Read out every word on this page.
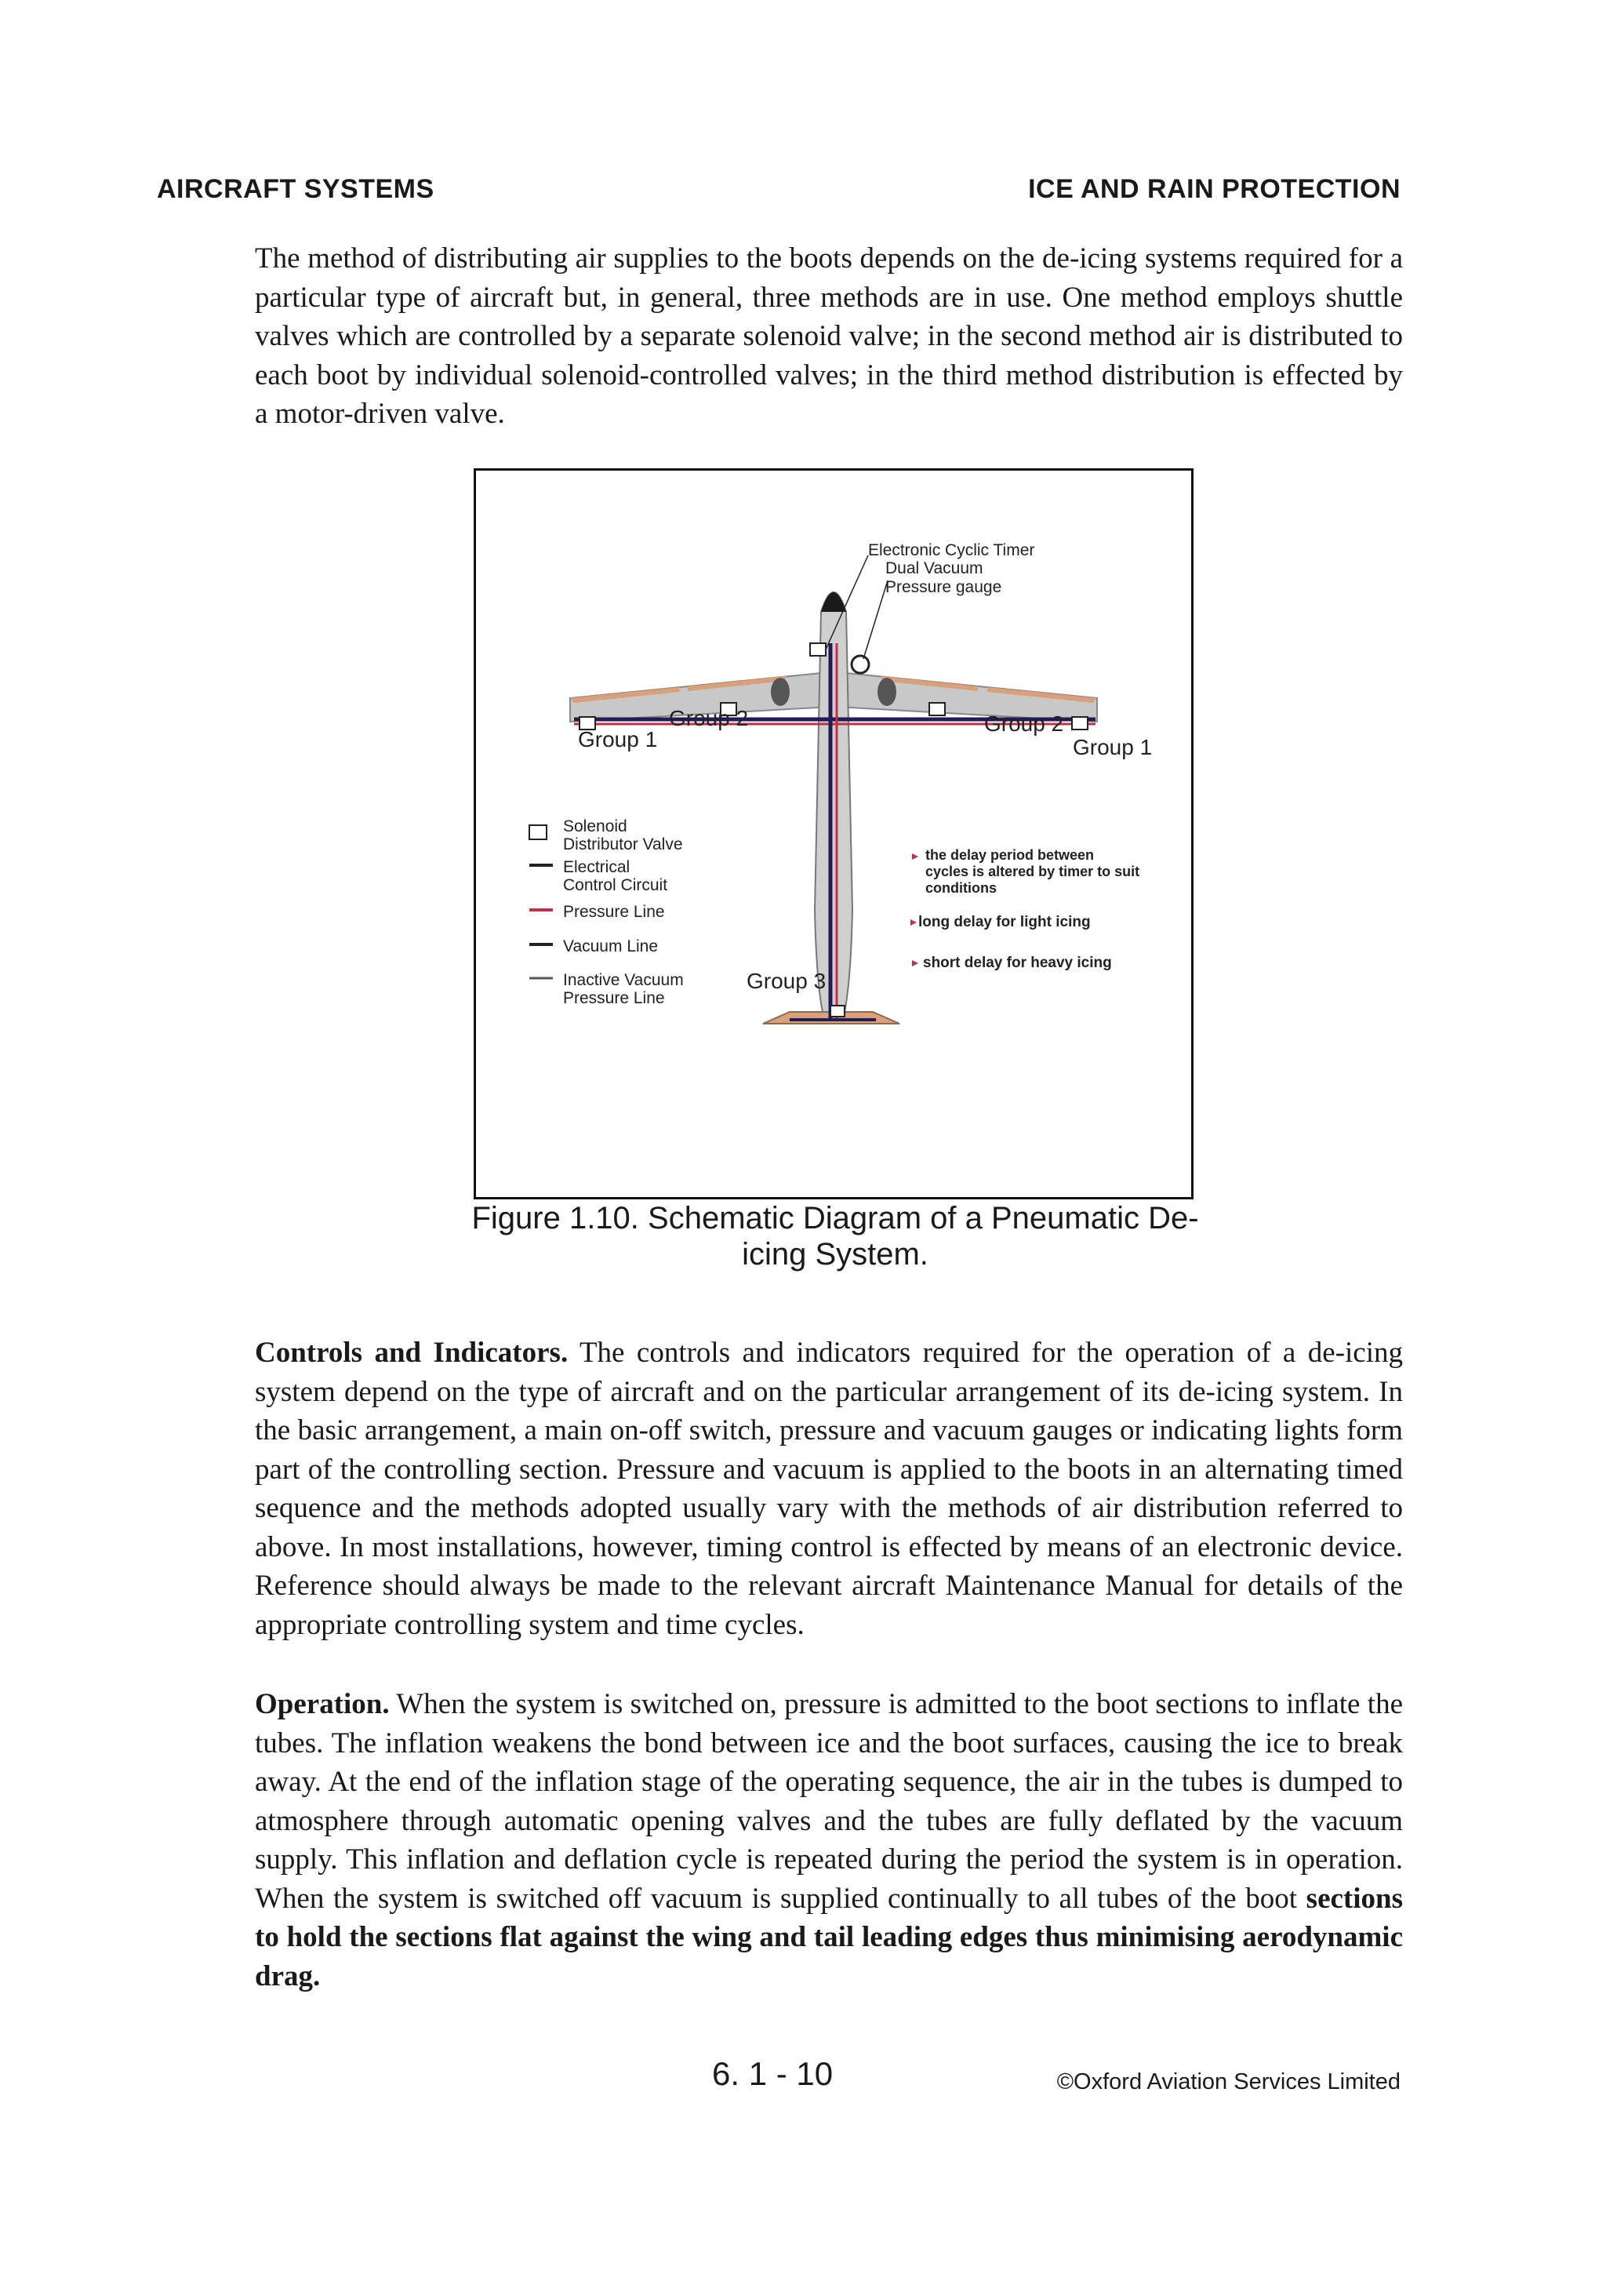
AIRCRAFT SYSTEMS	ICE AND RAIN PROTECTION
The method of distributing air supplies to the boots depends on the de-icing systems required for a particular type of aircraft but, in general, three methods are in use. One method employs shuttle valves which are controlled by a separate solenoid valve; in the second method air is distributed to each boot by individual solenoid-controlled valves; in the third method distribution is effected by a motor-driven valve.
Electronic Cyclic Timer
Dual Vacuum
Pressure gauge
Group 1
Group 2	Group 2
Group 1
Group 3
Solenoid
Distributor Valve
Electrical
Control Circuit
Pressure Line
Vacuum Line
Inactive Vacuum
Pressure Line
the delay period between
cycles is altered by timer to suit
conditions
long delay for light icing
short delay for heavy icing
Figure 1.10. Schematic Diagram of a Pneumatic De-
icing System.
Controls and Indicators. The controls and indicators required for the operation of a de-icing system depend on the type of aircraft and on the particular arrangement of its de-icing system. In the basic arrangement, a main on-off switch, pressure and vacuum gauges or indicating lights form part of the controlling section. Pressure and vacuum is applied to the boots in an alternating timed sequence and the methods adopted usually vary with the methods of air distribution referred to above. In most installations, however, timing control is effected by means of an electronic device. Reference should always be made to the relevant aircraft Maintenance Manual for details of the appropriate controlling system and time cycles.
Operation. When the system is switched on, pressure is admitted to the boot sections to inflate the tubes. The inflation weakens the bond between ice and the boot surfaces, causing the ice to break away. At the end of the inflation stage of the operating sequence, the air in the tubes is dumped to atmosphere through automatic opening valves and the tubes are fully deflated by the vacuum supply. This inflation and deflation cycle is repeated during the period the system is in operation. When the system is switched off vacuum is supplied continually to all tubes of the boot sections to hold the sections flat against the wing and tail leading edges thus minimising aerodynamic drag.
6. 1 - 10	©Oxford Aviation Services Limited
